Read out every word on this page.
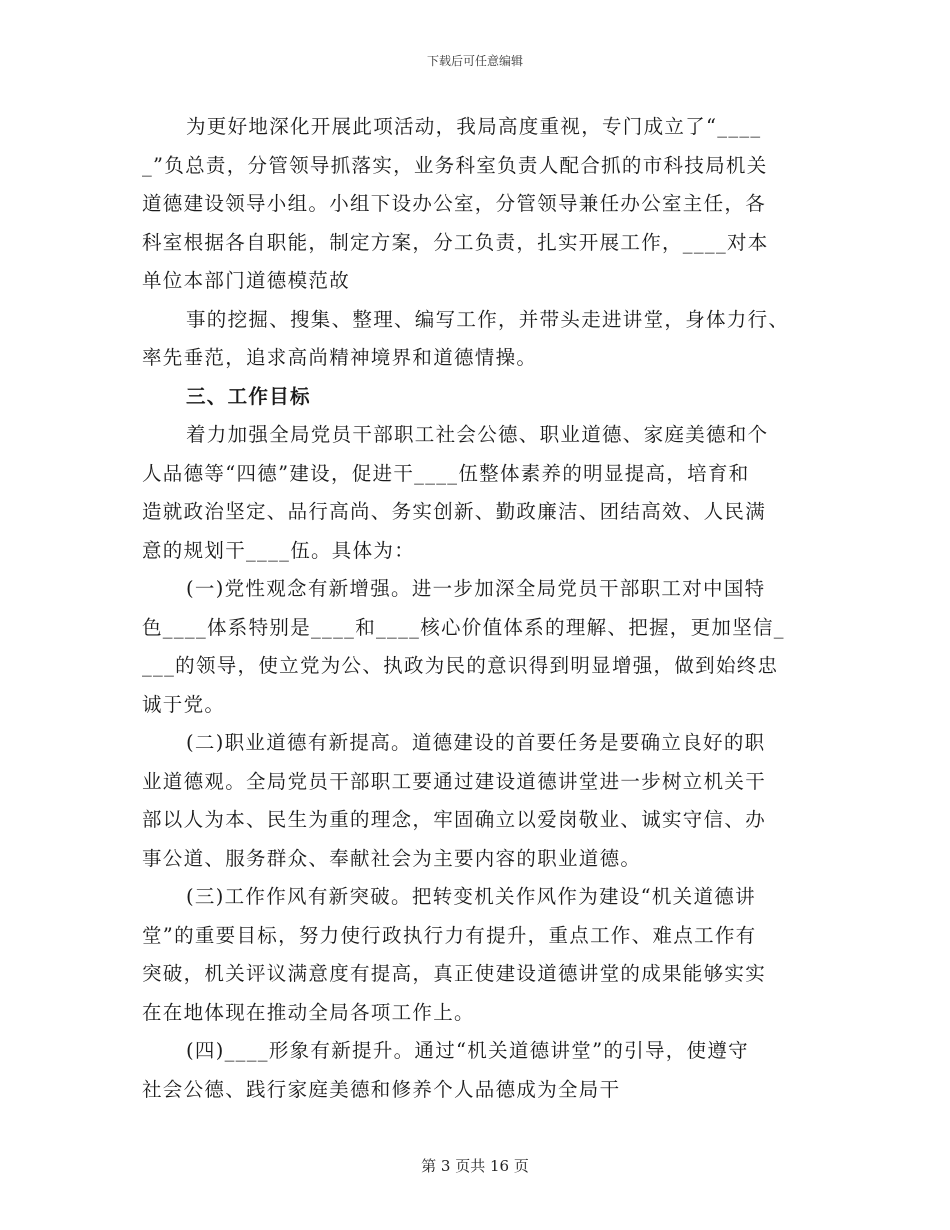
下载后可任意编辑
为更好地深化开展此项活动，我局高度重视，专门成立了“____
_”负总责，分管领导抓落实，业务科室负责人配合抓的市科技局机关
道德建设领导小组。小组下设办公室，分管领导兼任办公室主任，各
科室根据各自职能，制定方案，分工负责，扎实开展工作，____对本
单位本部门道德模范故
事的挖掘、搜集、整理、编写工作，并带头走进讲堂，身体力行、
率先垂范，追求高尚精神境界和道德情操。
三、工作目标
着力加强全局党员干部职工社会公德、职业道德、家庭美德和个
人品德等“四德”建设，促进干____伍整体素养的明显提高，培育和
造就政治坚定、品行高尚、务实创新、勤政廉洁、团结高效、人民满
意的规划干____伍。具体为：
(一)党性观念有新增强。进一步加深全局党员干部职工对中国特
色____体系特别是____和____核心价值体系的理解、把握，更加坚信_
___的领导，使立党为公、执政为民的意识得到明显增强，做到始终忠
诚于党。
(二)职业道德有新提高。道德建设的首要任务是要确立良好的职
业道德观。全局党员干部职工要通过建设道德讲堂进一步树立机关干
部以人为本、民生为重的理念，牢固确立以爱岗敬业、诚实守信、办
事公道、服务群众、奉献社会为主要内容的职业道德。
(三)工作作风有新突破。把转变机关作风作为建设“机关道德讲
堂”的重要目标，努力使行政执行力有提升，重点工作、难点工作有
突破，机关评议满意度有提高，真正使建设道德讲堂的成果能够实实
在在地体现在推动全局各项工作上。
(四)____形象有新提升。通过“机关道德讲堂”的引导，使遵守
社会公德、践行家庭美德和修养个人品德成为全局干
第 3 页共 16 页
